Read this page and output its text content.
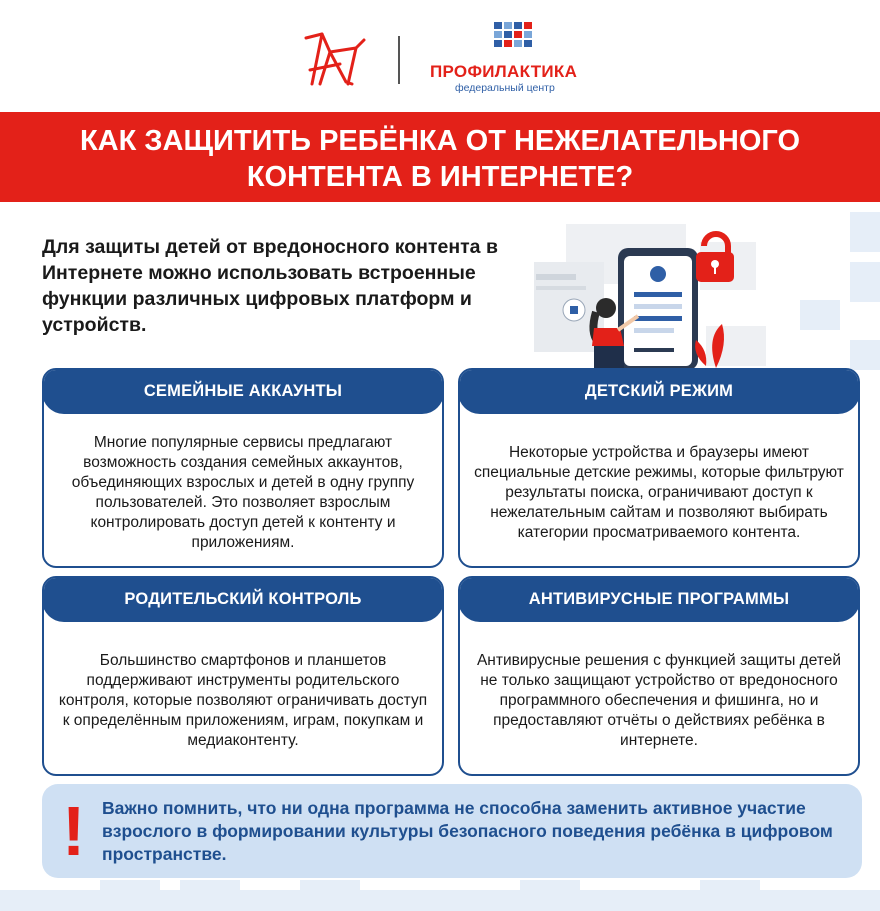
ПРОФИЛАКТИКА
федеральный центр
КАК ЗАЩИТИТЬ РЕБЁНКА ОТ НЕЖЕЛАТЕЛЬНОГО КОНТЕНТА В ИНТЕРНЕТЕ?
Для защиты детей от вредоносного контента в Интернете можно использовать встроенные функции различных цифровых платформ и устройств.
СЕМЕЙНЫЕ АККАУНТЫ
Многие популярные сервисы предлагают возможность создания семейных аккаунтов, объединяющих взрослых и детей в одну группу пользователей. Это позволяет взрослым контролировать доступ детей к контенту и приложениям.
ДЕТСКИЙ РЕЖИМ
Некоторые устройства и браузеры имеют специальные детские режимы, которые фильтруют результаты поиска, ограничивают доступ к нежелательным сайтам и позволяют выбирать категории просматриваемого контента.
РОДИТЕЛЬСКИЙ КОНТРОЛЬ
Большинство смартфонов и планшетов поддерживают инструменты родительского контроля, которые позволяют ограничивать доступ к определённым приложениям, играм, покупкам и медиаконтенту.
АНТИВИРУСНЫЕ ПРОГРАММЫ
Антивирусные решения с функцией защиты детей не только защищают устройство от вредоносного программного обеспечения и фишинга, но и предоставляют отчёты о действиях ребёнка в интернете.
! Важно помнить, что ни одна программа не способна заменить активное участие взрослого в формировании культуры безопасного поведения ребёнка в цифровом пространстве.
